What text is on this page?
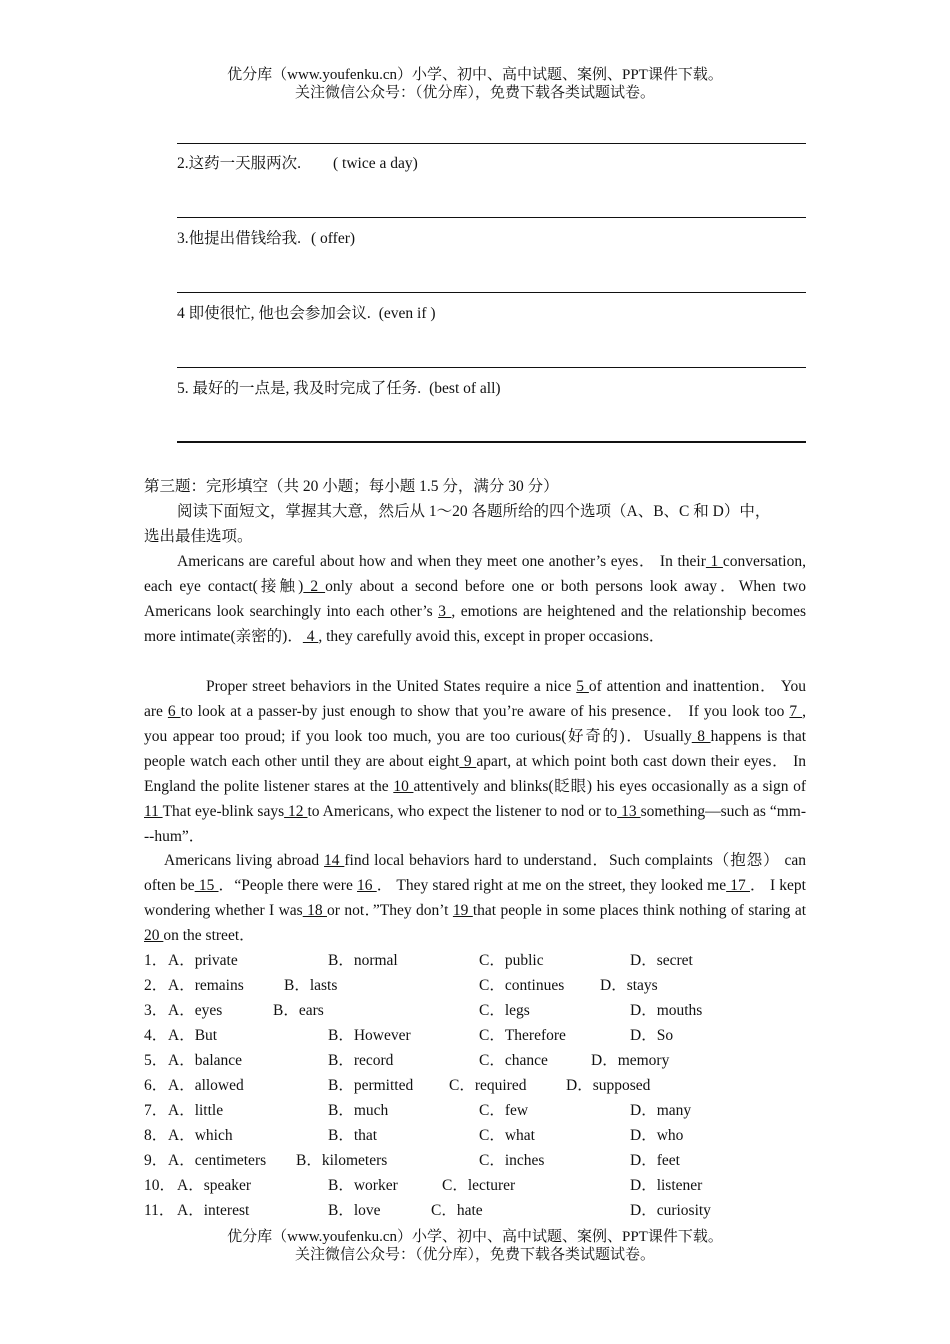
优分库（www.youfenku.cn）小学、初中、高中试题、案例、PPT课件下载。
关注微信公众号：（优分库），免费下载各类试题试卷。
2.这药一天服两次. ( twice a day)
3.他提出借钱给我. ( offer)
4 即使很忙, 他也会参加会议. (even if )
5. 最好的一点是, 我及时完成了任务. (best of all)
第三题：完形填空（共 20 小题；每小题 1.5 分，满分 30 分）
阅读下面短文，掌握其大意，然后从 1～20 各题所给的四个选项（A、B、C 和 D）中，
选出最佳选项。
Americans are careful about how and when they meet one another’s eyes． In their 1 conversation, each eye contact(接触) 2 only about a second before one or both persons look away．When two Americans look searchingly into each other’s 3 , emotions are heightened and the relationship becomes more intimate(亲密的)． 4 , they carefully avoid this, except in proper occasions．
Proper street behaviors in the United States require a nice 5 of attention and inattention． You are 6 to look at a passer-by just enough to show that you’re aware of his presence． If you look too 7 , you appear too proud; if you look too much, you are too curious(好奇的)．Usually 8 happens is that people watch each other until they are about eight 9 apart, at which point both cast down their eyes． In England the polite listener stares at the 10 attentively and blinks(眨眼) his eyes occasionally as a sign of 11 That eye-blink says 12 to Americans, who expect the listener to nod or to 13 something—such as “mm---hum”．
Americans living abroad 14 find local behaviors hard to understand．Such complaints（抱怨） can often be 15 ．“People there were 16 ． They stared right at me on the street, they looked me 17 ． I kept wondering whether I was 18 or not．”They don’t 19 that people in some places think nothing of staring at 20 on the street．
1． A．private	B．normal	C．public	D．secret
2． A．remains	B．lasts	C．continues D．stays
3． A．eyes	B．ears	C．legs	D．mouths
4． A．But	B．However	C．Therefore	D．So
5． A．balance	B．record	C．chance	D．memory
6． A．allowed	B．permitted C．required	D．supposed
7． A．little	B．much	C．few	D．many
8． A．which	B．that	C．what	D．who
9． A．centimeters B．kilometers	C．inches	D．feet
10． A．speaker	B．worker	C．lecturer	D．listener
11． A．interest	B．love	C．hate	D．curiosity
优分库（www.youfenku.cn）小学、初中、高中试题、案例、PPT课件下载。
关注微信公众号：（优分库），免费下载各类试题试卷。
